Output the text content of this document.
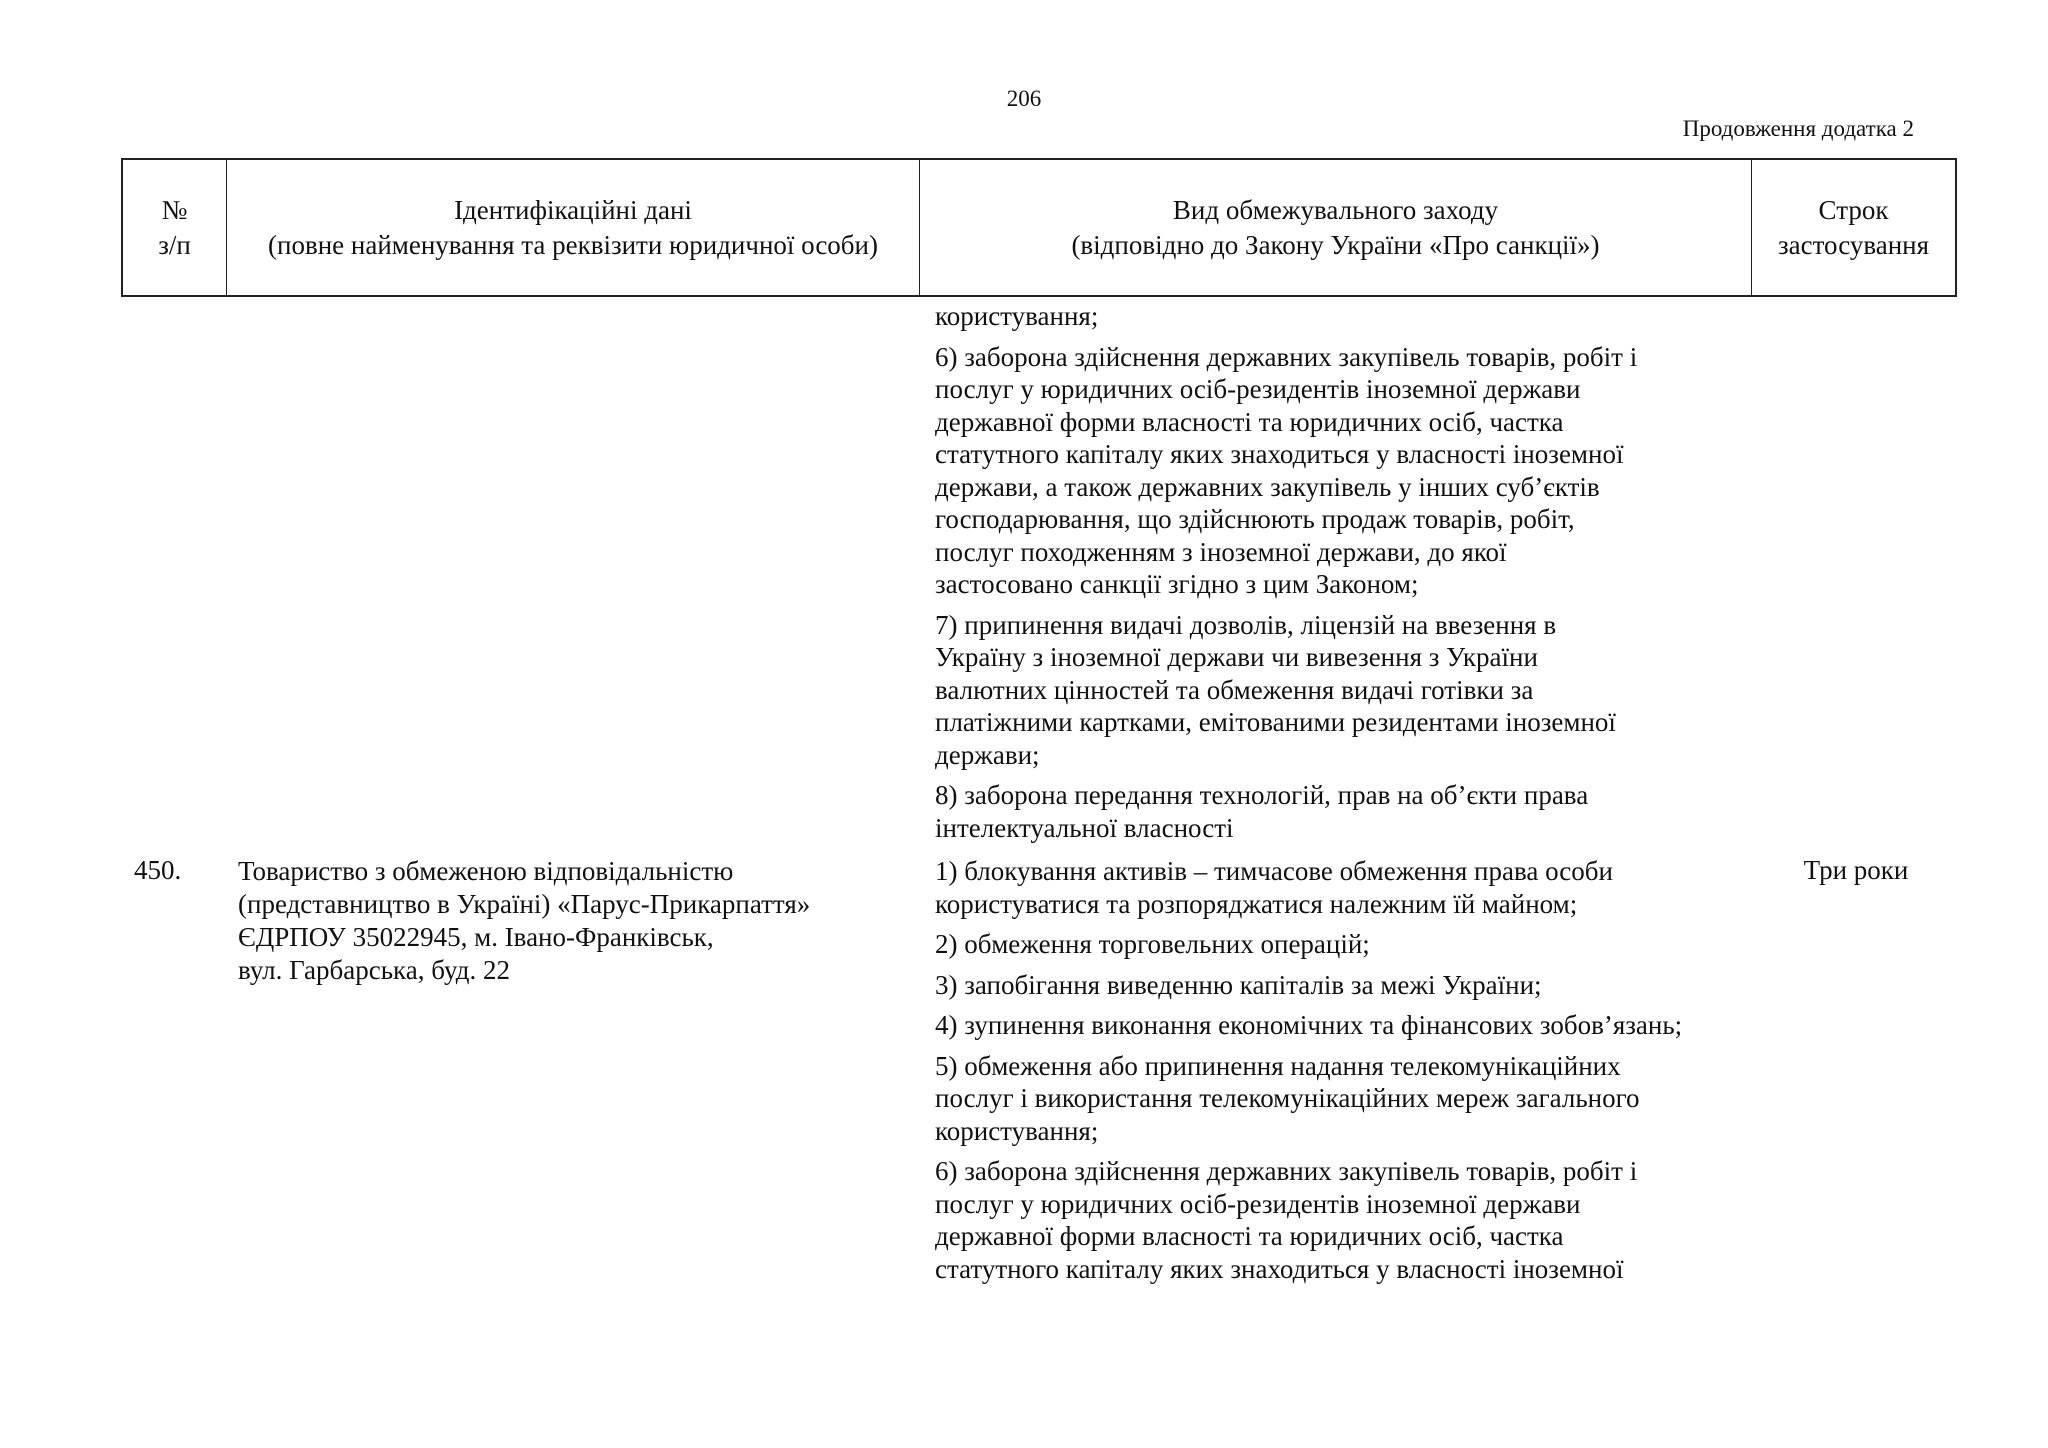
206
Продовження додатка 2
№
з/п
Ідентифікаційні дані
(повне найменування та реквізити юридичної особи)
Вид обмежувального заходу
(відповідно до Закону України «Про санкції»)
Строк
застосування
користування;
6) заборона здійснення державних закупівель товарів, робіт і
послуг у юридичних осіб-резидентів іноземної держави
державної форми власності та юридичних осіб, частка
статутного капіталу яких знаходиться у власності іноземної
держави, а також державних закупівель у інших суб’єктів
господарювання, що здійснюють продаж товарів, робіт,
послуг походженням з іноземної держави, до якої
застосовано санкції згідно з цим Законом;
7) припинення видачі дозволів, ліцензій на ввезення в
Україну з іноземної держави чи вивезення з України
валютних цінностей та обмеження видачі готівки за
платіжними картками, емітованими резидентами іноземної
держави;
8) заборона передання технологій, прав на об’єкти права
інтелектуальної власності
450. Товариство з обмеженою відповідальністю
(представництво в Україні) «Парус-Прикарпаття»
ЄДРПОУ 35022945, м. Івано-Франківськ,
вул. Гарбарська, буд. 22
Три роки
1) блокування активів – тимчасове обмеження права особи
користуватися та розпоряджатися належним їй майном;
2) обмеження торговельних операцій;
3) запобігання виведенню капіталів за межі України;
4) зупинення виконання економічних та фінансових зобов’язань;
5) обмеження або припинення надання телекомунікаційних
послуг і використання телекомунікаційних мереж загального
користування;
6) заборона здійснення державних закупівель товарів, робіт і
послуг у юридичних осіб-резидентів іноземної держави
державної форми власності та юридичних осіб, частка
статутного капіталу яких знаходиться у власності іноземної
